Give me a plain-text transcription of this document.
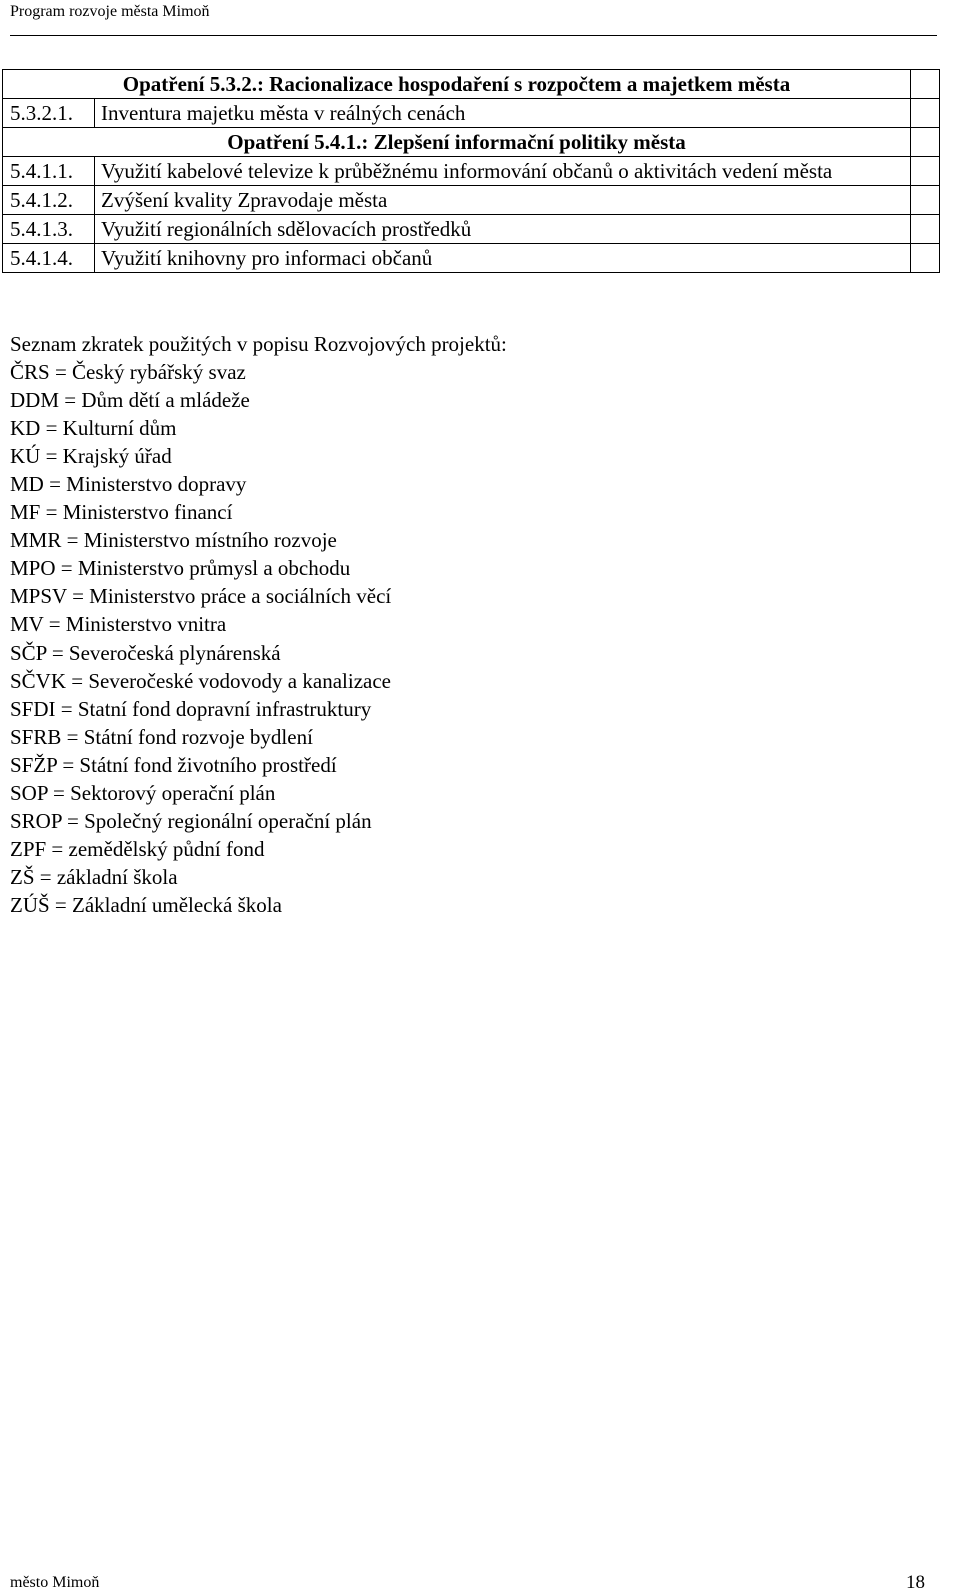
Program rozvoje města Mimoň
Opatření 5.3.2.: Racionalizace hospodaření s rozpočtem a majetkem města		
5.3.2.1.	Inventura majetku města v reálných cenách	
Opatření 5.4.1.: Zlepšení informační politiky města		
5.4.1.1.	Využití kabelové televize k průběžnému informování občanů o aktivitách vedení města	
5.4.1.2.	Zvýšení kvality Zpravodaje města	
5.4.1.3.	Využití regionálních sdělovacích prostředků	
5.4.1.4.	Využití knihovny pro informaci občanů	
Seznam zkratek použitých v popisu Rozvojových projektů:
ČRS = Český rybářský svaz
DDM = Dům dětí a mládeže
KD = Kulturní dům
KÚ = Krajský úřad
MD = Ministerstvo dopravy
MF = Ministerstvo financí
MMR = Ministerstvo místního rozvoje
MPO = Ministerstvo průmysl a obchodu
MPSV = Ministerstvo práce a sociálních věcí
MV = Ministerstvo vnitra
SČP = Severočeská plynárenská
SČVK = Severočeské vodovody a kanalizace
SFDI = Statní fond dopravní infrastruktury
SFRB = Státní fond rozvoje bydlení
SFŽP = Státní fond životního prostředí
SOP = Sektorový operační plán
SROP = Společný regionální operační plán
ZPF = zemědělský půdní fond
ZŠ = základní škola
ZÚŠ = Základní umělecká škola
město Mimoň	18
